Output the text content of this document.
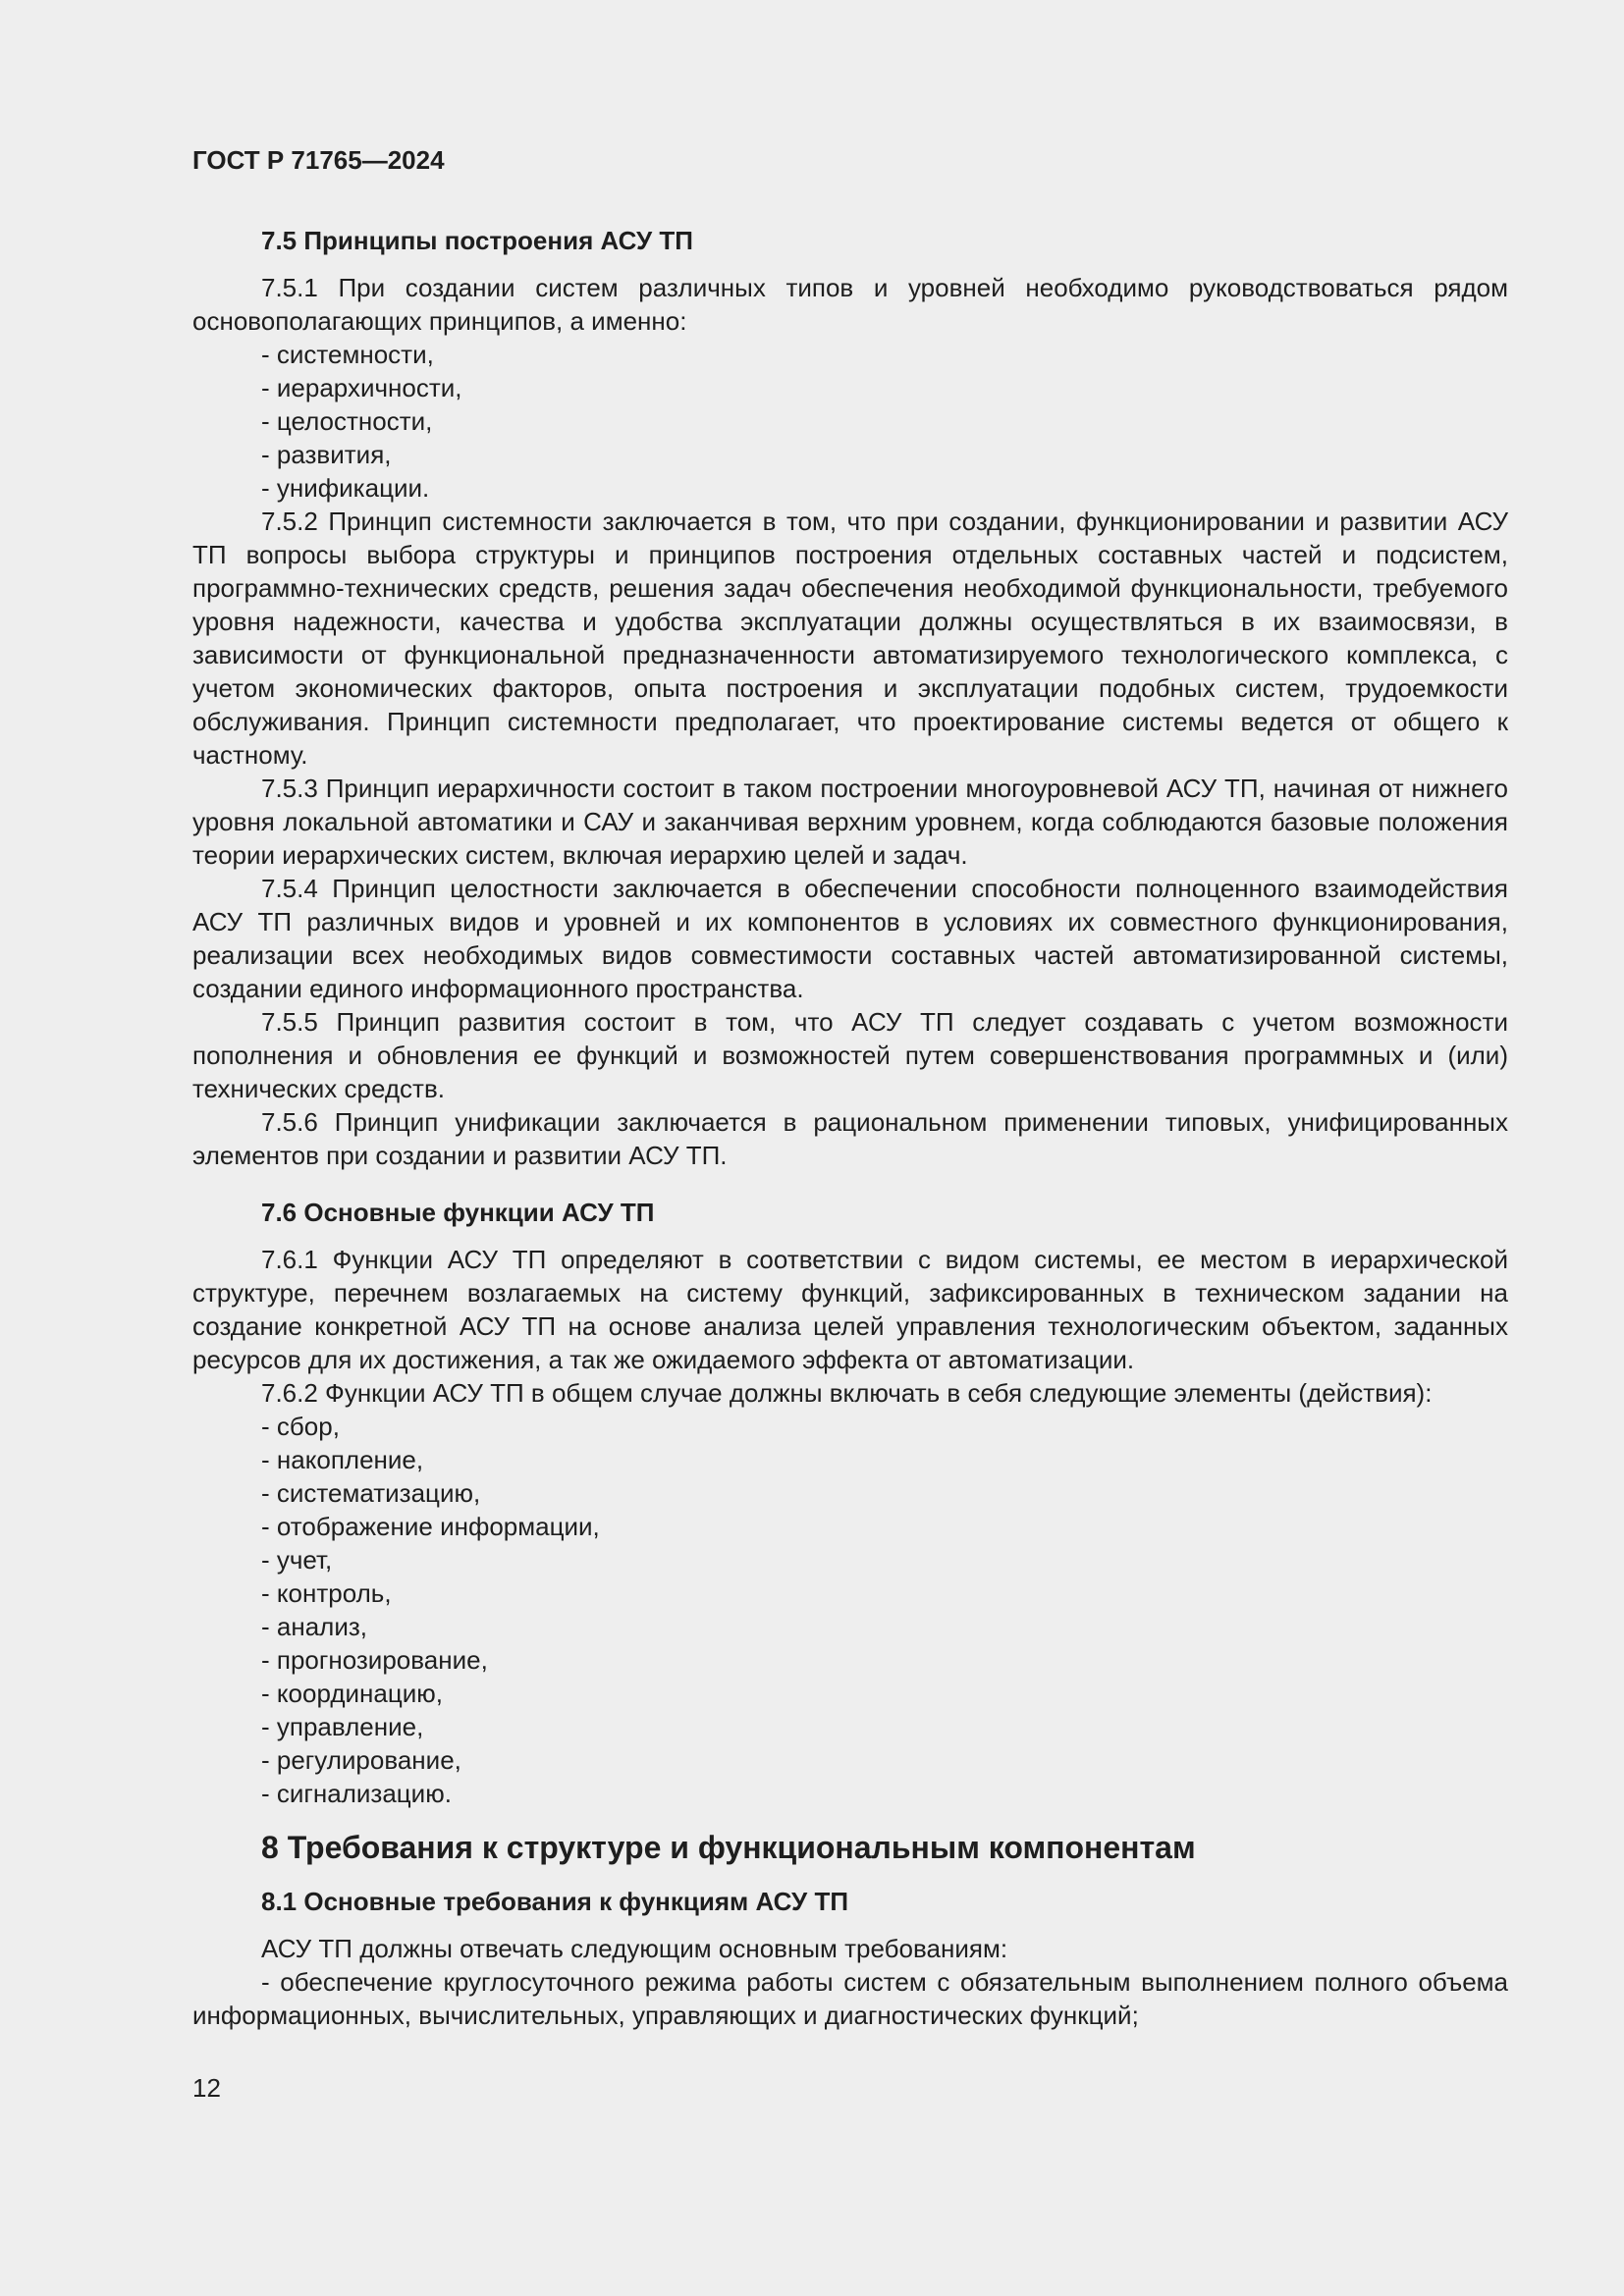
ГОСТ Р 71765—2024

7.5 Принципы построения АСУ ТП

7.5.1 При создании систем различных типов и уровней необходимо руководствоваться рядом основополагающих принципов, а именно:

- системности,

- иерархичности,

- целостности,

- развития,

- унификации.

7.5.2 Принцип системности заключается в том, что при создании, функционировании и развитии АСУ ТП вопросы выбора структуры и принципов построения отдельных составных частей и подсистем, программно-технических средств, решения задач обеспечения необходимой функциональности, требуемого уровня надежности, качества и удобства эксплуатации должны осуществляться в их взаимосвязи, в зависимости от функциональной предназначенности автоматизируемого технологического комплекса, с учетом экономических факторов, опыта построения и эксплуатации подобных систем, трудоемкости обслуживания. Принцип системности предполагает, что проектирование системы ведется от общего к частному.

7.5.3 Принцип иерархичности состоит в таком построении многоуровневой АСУ ТП, начиная от нижнего уровня локальной автоматики и САУ и заканчивая верхним уровнем, когда соблюдаются базовые положения теории иерархических систем, включая иерархию целей и задач.

7.5.4 Принцип целостности заключается в обеспечении способности полноценного взаимодействия АСУ ТП различных видов и уровней и их компонентов в условиях их совместного функционирования, реализации всех необходимых видов совместимости составных частей автоматизированной системы, создании единого информационного пространства.

7.5.5 Принцип развития состоит в том, что АСУ ТП следует создавать с учетом возможности пополнения и обновления ее функций и возможностей путем совершенствования программных и (или) технических средств.

7.5.6 Принцип унификации заключается в рациональном применении типовых, унифицированных элементов при создании и развитии АСУ ТП.

7.6 Основные функции АСУ ТП

7.6.1 Функции АСУ ТП определяют в соответствии с видом системы, ее местом в иерархической структуре, перечнем возлагаемых на систему функций, зафиксированных в техническом задании на создание конкретной АСУ ТП на основе анализа целей управления технологическим объектом, заданных ресурсов для их достижения, а так же ожидаемого эффекта от автоматизации.

7.6.2 Функции АСУ ТП в общем случае должны включать в себя следующие элементы (действия):

- сбор,

- накопление,

- систематизацию,

- отображение информации,

- учет,

- контроль,

- анализ,

- прогнозирование,

- координацию,

- управление,

- регулирование,

- сигнализацию.

8 Требования к структуре и функциональным компонентам

8.1 Основные требования к функциям АСУ ТП

АСУ ТП должны отвечать следующим основным требованиям:

- обеспечение круглосуточного режима работы систем с обязательным выполнением полного объема информационных, вычислительных, управляющих и диагностических функций;

12
